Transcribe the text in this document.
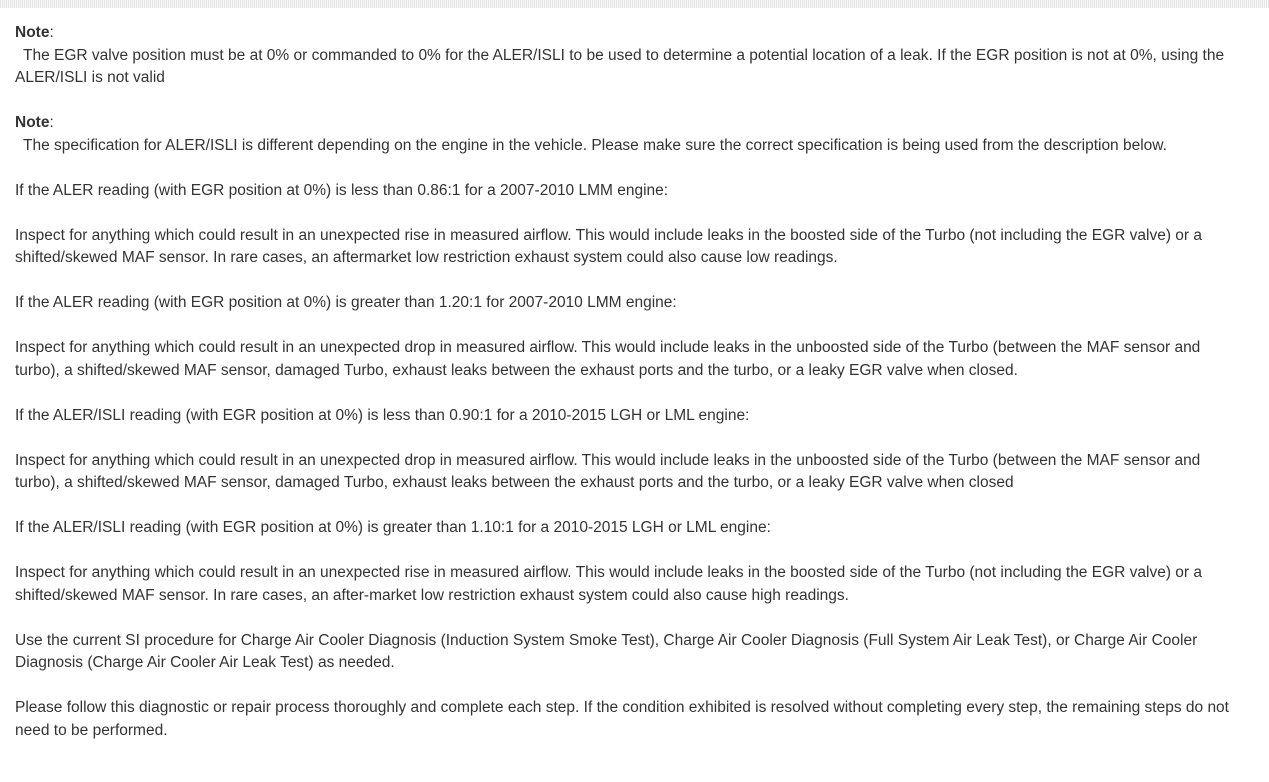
Note:
The EGR valve position must be at 0% or commanded to 0% for the ALER/ISLI to be used to determine a potential location of a leak. If the EGR position is not at 0%, using the ALER/ISLI is not valid
Note:
The specification for ALER/ISLI is different depending on the engine in the vehicle. Please make sure the correct specification is being used from the description below.

If the ALER reading (with EGR position at 0%) is less than 0.86:1 for a 2007-2010 LMM engine:

Inspect for anything which could result in an unexpected rise in measured airflow. This would include leaks in the boosted side of the Turbo (not including the EGR valve) or a shifted/skewed MAF sensor. In rare cases, an aftermarket low restriction exhaust system could also cause low readings.

If the ALER reading (with EGR position at 0%) is greater than 1.20:1 for 2007-2010 LMM engine:

Inspect for anything which could result in an unexpected drop in measured airflow. This would include leaks in the unboosted side of the Turbo (between the MAF sensor and turbo), a shifted/skewed MAF sensor, damaged Turbo, exhaust leaks between the exhaust ports and the turbo, or a leaky EGR valve when closed.

If the ALER/ISLI reading (with EGR position at 0%) is less than 0.90:1 for a 2010-2015 LGH or LML engine:

Inspect for anything which could result in an unexpected drop in measured airflow. This would include leaks in the unboosted side of the Turbo (between the MAF sensor and turbo), a shifted/skewed MAF sensor, damaged Turbo, exhaust leaks between the exhaust ports and the turbo, or a leaky EGR valve when closed

If the ALER/ISLI reading (with EGR position at 0%) is greater than 1.10:1 for a 2010-2015 LGH or LML engine:

Inspect for anything which could result in an unexpected rise in measured airflow. This would include leaks in the boosted side of the Turbo (not including the EGR valve) or a shifted/skewed MAF sensor. In rare cases, an after-market low restriction exhaust system could also cause high readings.

Use the current SI procedure for Charge Air Cooler Diagnosis (Induction System Smoke Test), Charge Air Cooler Diagnosis (Full System Air Leak Test), or Charge Air Cooler Diagnosis (Charge Air Cooler Air Leak Test) as needed.

Please follow this diagnostic or repair process thoroughly and complete each step. If the condition exhibited is resolved without completing every step, the remaining steps do not need to be performed.
